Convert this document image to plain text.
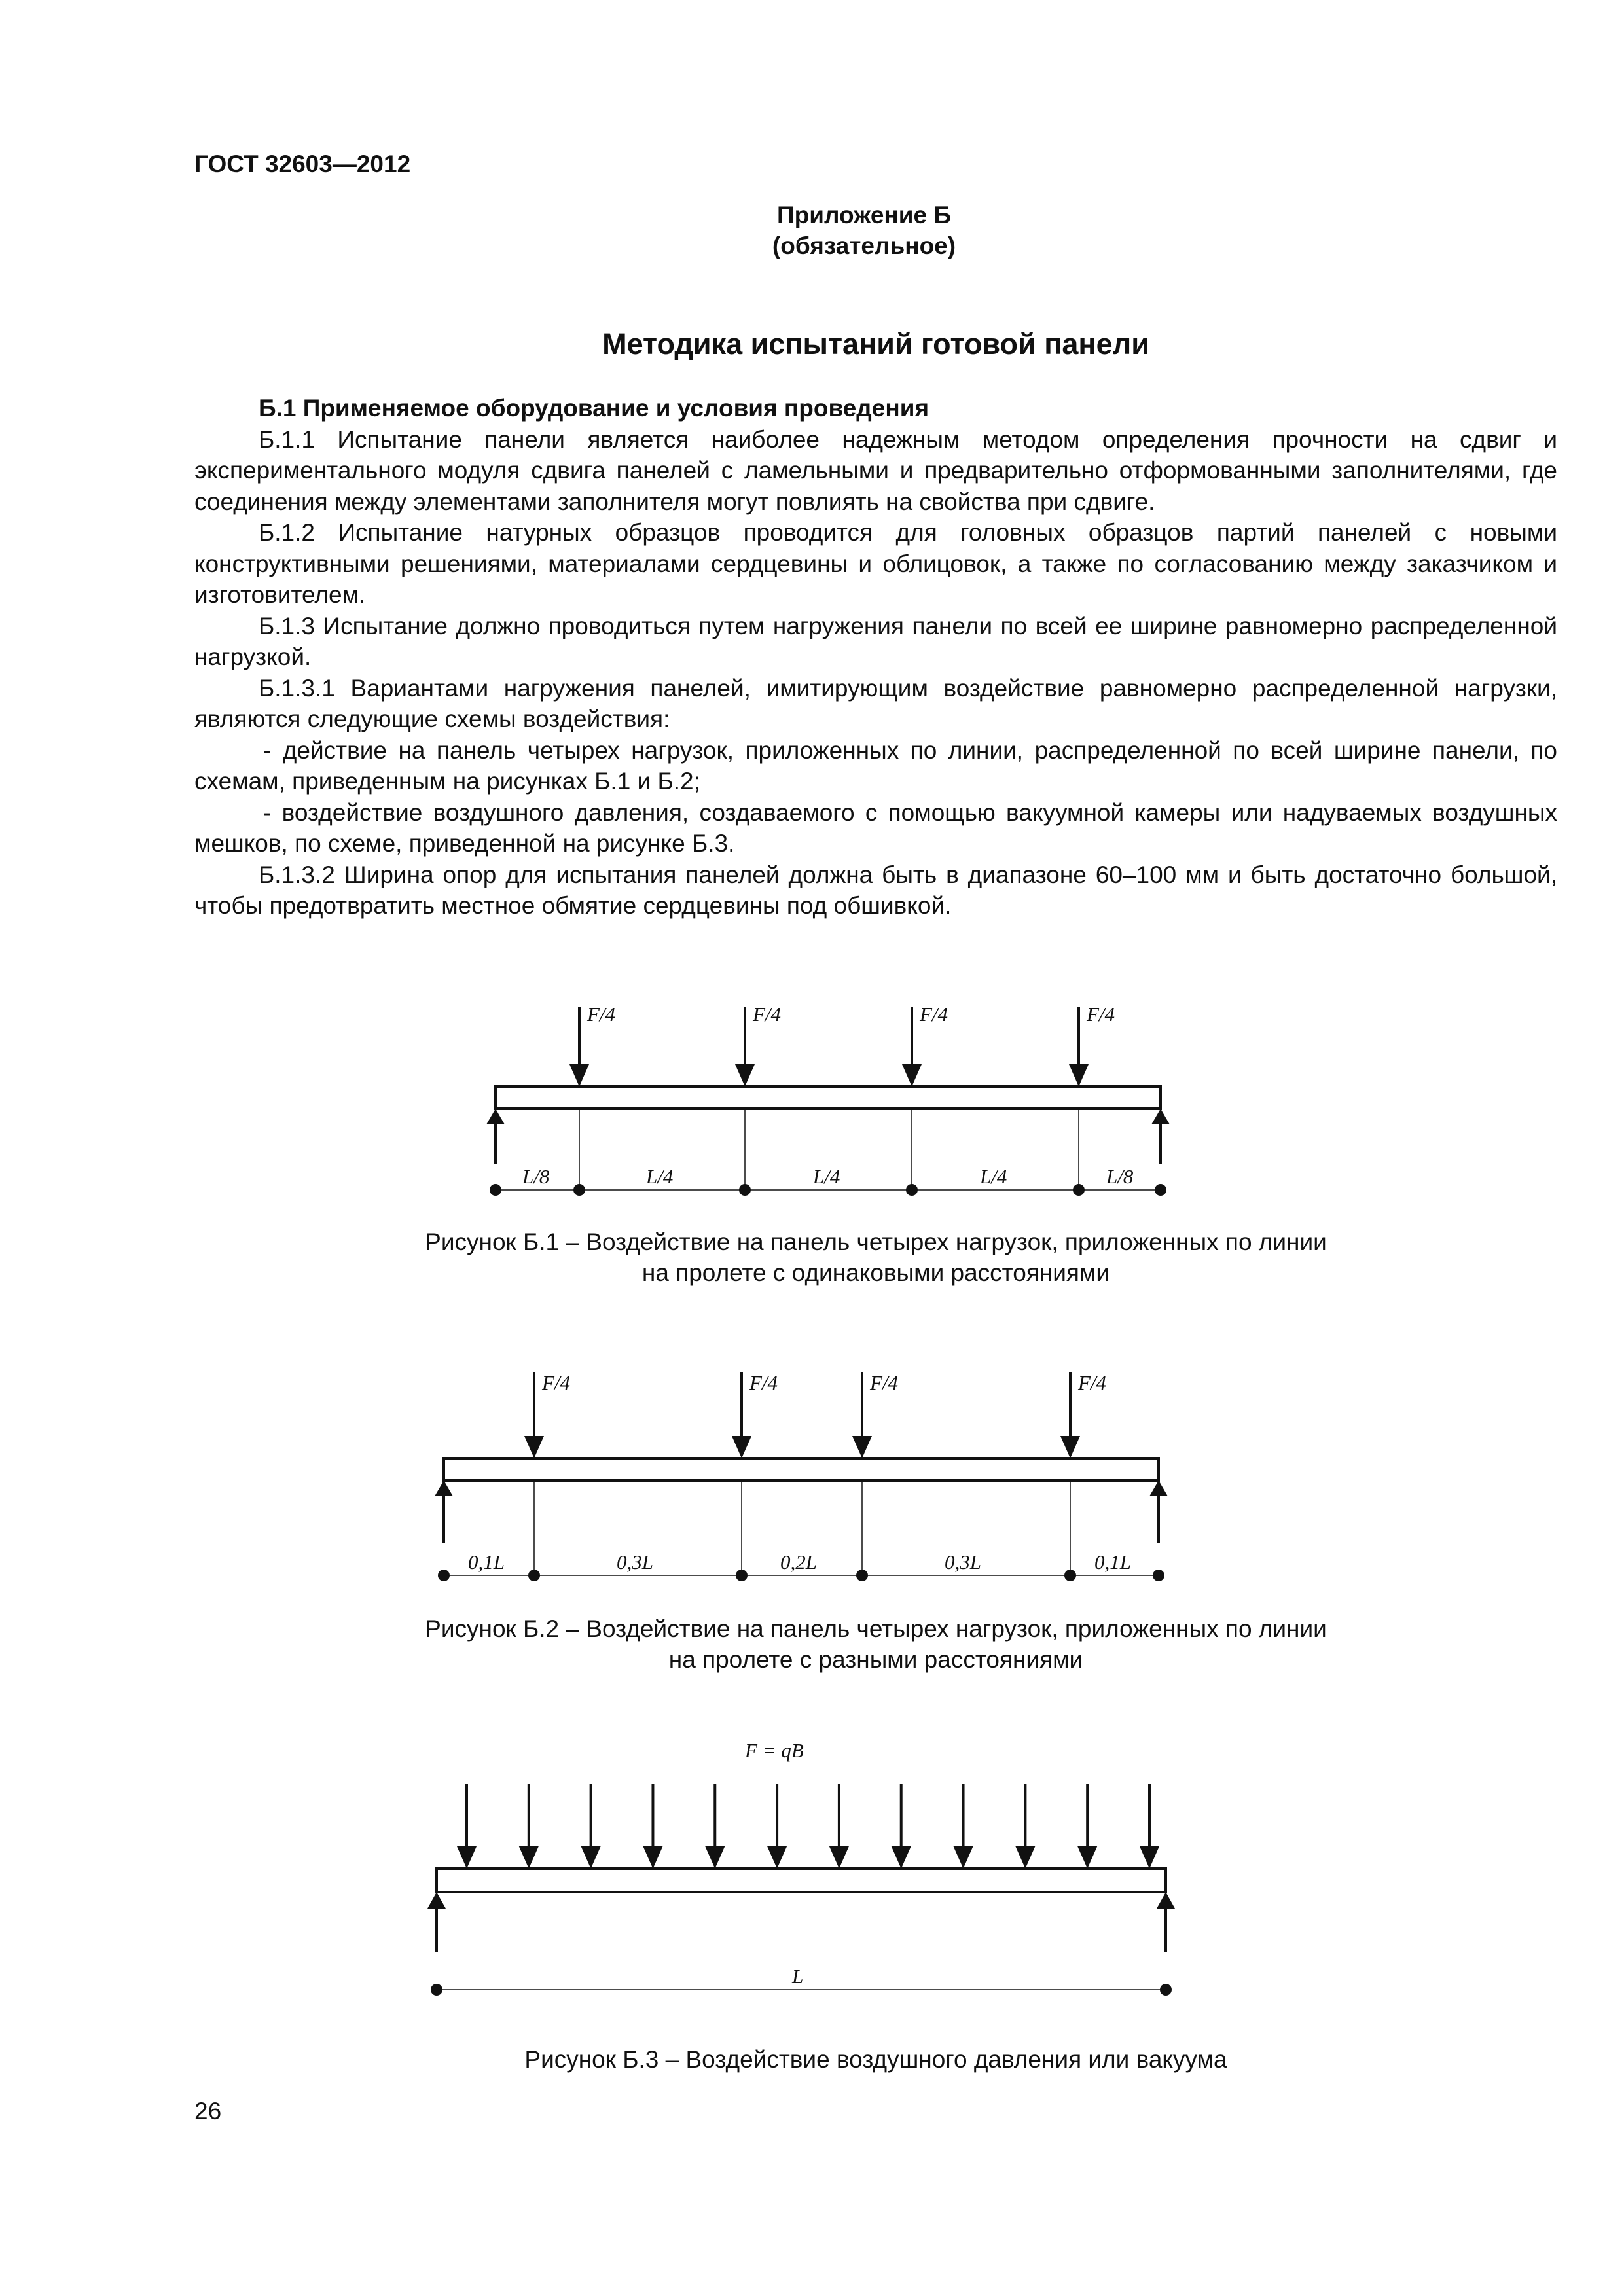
ГОСТ 32603—2012
Приложение Б
(обязательное)
Методика испытаний готовой панели

Б.1 Применяемое оборудование и условия проведения

Б.1.1 Испытание панели является наиболее надежным методом определения прочности на сдвиг и экспериментального модуля сдвига панелей с ламельными и предварительно отформованными заполнителями, где соединения между элементами заполнителя могут повлиять на свойства при сдвиге.

Б.1.2 Испытание натурных образцов проводится для головных образцов партий панелей с новыми конструктивными решениями, материалами сердцевины и облицовок, а также по согласованию между заказчиком и изготовителем.

Б.1.3 Испытание должно проводиться путем нагружения панели по всей ее ширине равномерно распределенной нагрузкой.

Б.1.3.1 Вариантами нагружения панелей, имитирующим воздействие равномерно распределенной нагрузки, являются следующие схемы воздействия:

- действие на панель четырех нагрузок, приложенных по линии, распределенной по всей ширине панели, по схемам, приведенным на рисунках Б.1 и Б.2;

- воздействие воздушного давления, создаваемого с помощью вакуумной камеры или надуваемых воздушных мешков, по схеме, приведенной на рисунке Б.3.

Б.1.3.2 Ширина опор для испытания панелей должна быть в диапазоне 60–100 мм и быть достаточно большой, чтобы предотвратить местное обмятие сердцевины под обшивкой.

F/4	F/4	F/4	F/4
L/8	L/4	L/4	L/4	L/8
Рисунок Б.1 – Воздействие на панель четырех нагрузок, приложенных по линии
на пролете с одинаковыми расстояниями
F/4	F/4	F/4	F/4
0,1L	0,3L	0,2L	0,3L	0,1L
Рисунок Б.2 – Воздействие на панель четырех нагрузок, приложенных по линии
на пролете с разными расстояниями
F = qB
L
Рисунок Б.3 – Воздействие воздушного давления или вакуума
26
